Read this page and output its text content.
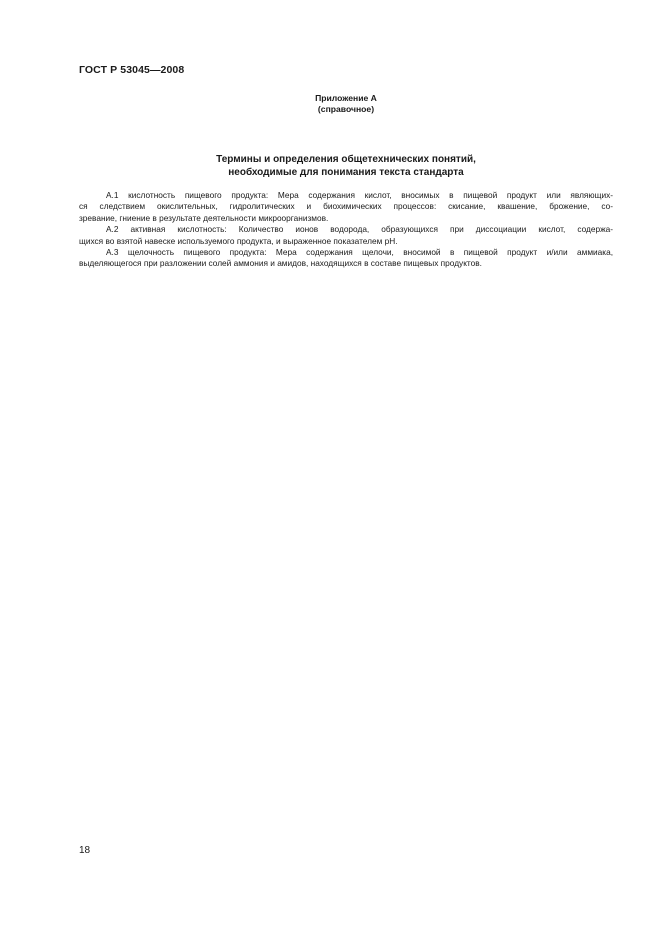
ГОСТ Р 53045—2008
Приложение А
(справочное)
Термины и определения общетехнических понятий,
необходимые для понимания текста стандарта
А.1 кислотность пищевого продукта: Мера содержания кислот, вносимых в пищевой продукт или являющих-
ся следствием окислительных, гидролитических и биохимических процессов: скисание, квашение, брожение, со-
зревание, гниение в результате деятельности микроорганизмов.
А.2 активная кислотность: Количество ионов водорода, образующихся при диссоциации кислот, содержа-
щихся во взятой навеске используемого продукта, и выраженное показателем pH.
А.3 щелочность пищевого продукта: Мера содержания щелочи, вносимой в пищевой продукт и/или аммиака,
выделяющегося при разложении солей аммония и амидов, находящихся в составе пищевых продуктов.
18
